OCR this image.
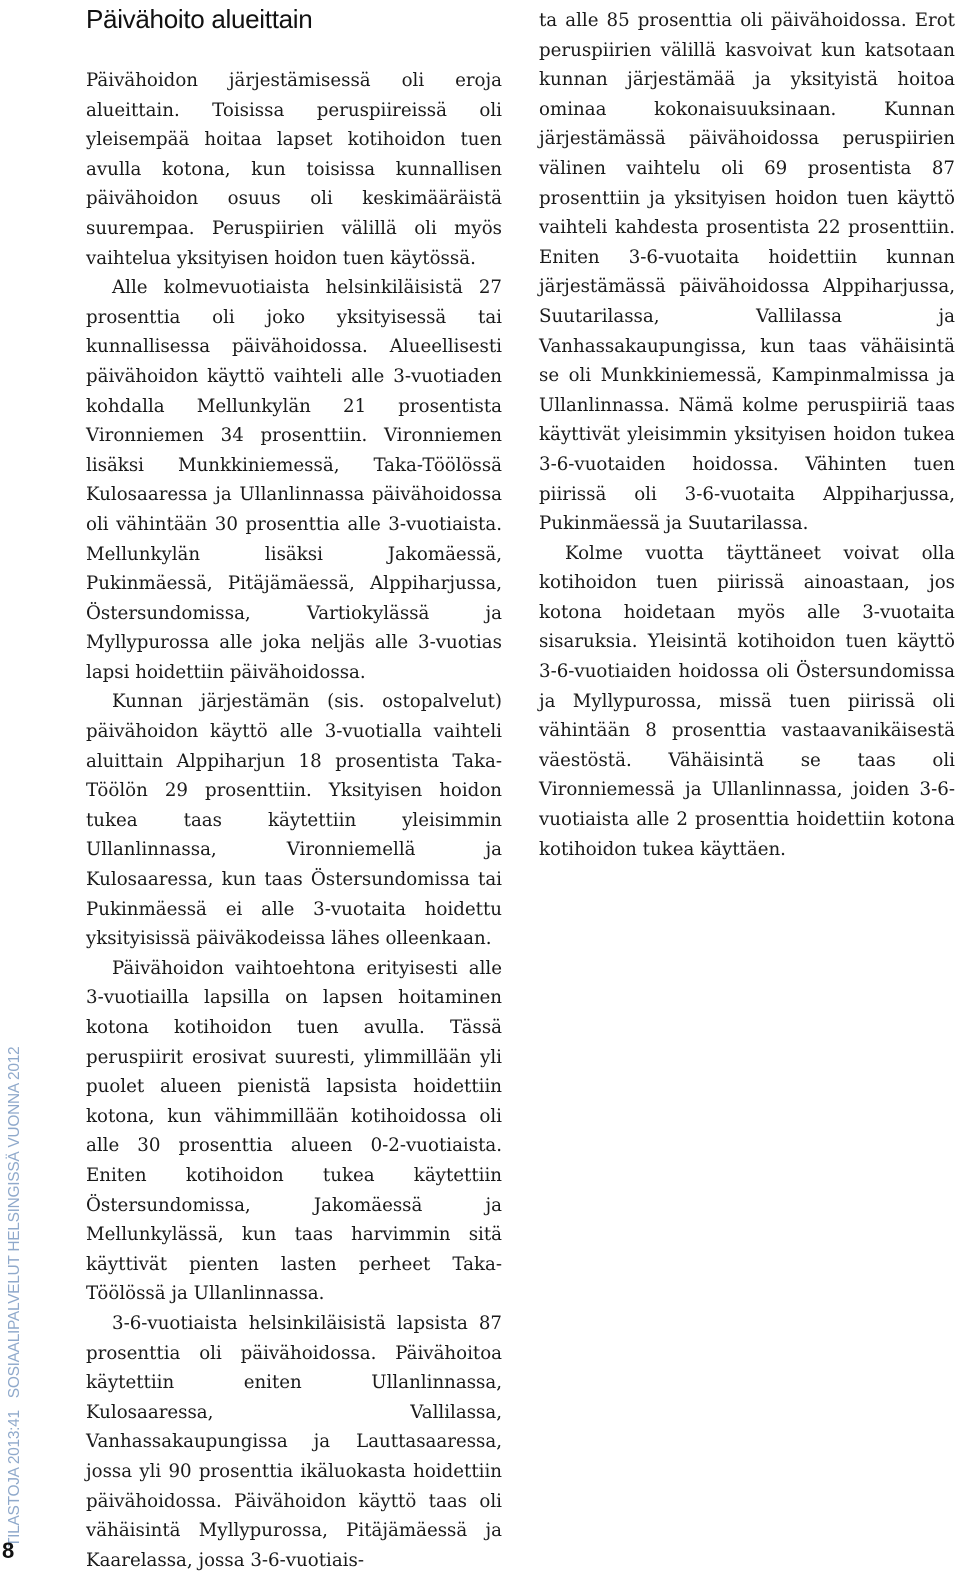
TILASTOJA 2013:41SOSIAALIPALVELUT HELSINGISSÄ VUONNA 2012
8
Päivähoito alueittain

Päivähoidon järjestämisessä oli eroja alueittain. Toisissa peruspiireissä oli yleisempää hoitaa lapset kotihoidon tuen avulla kotona, kun toisissa kunnallisen päivähoidon osuus oli keskimääräistä suurempaa. Peruspiirien välillä oli myös vaihtelua yksityisen hoidon tuen käytössä.

Alle kolmevuotiaista helsinkiläisistä 27 prosenttia oli joko yksityisessä tai kunnallisessa päivähoidossa. Alueellisesti päivähoidon käyttö vaihteli alle 3-vuotiaden kohdalla Mellunkylän 21 prosentista Vironniemen 34 prosenttiin. Vironniemen lisäksi Munkkiniemessä, Taka-Töölössä Kulosaaressa ja Ullanlinnassa päivähoidossa oli vähintään 30 prosenttia alle 3-vuotiaista. Mellunkylän lisäksi Jakomäessä, Pukinmäessä, Pitäjämäessä, Alppiharjussa, Östersundomissa, Vartiokylässä ja Myllypurossa alle joka neljäs alle 3-vuotias lapsi hoidettiin päivähoidossa.

Kunnan järjestämän (sis. ostopalvelut) päivähoidon käyttö alle 3-vuotialla vaihteli aluittain Alppiharjun 18 prosentista Taka-Töölön 29 prosenttiin. Yksityisen hoidon tukea taas käytettiin yleisimmin Ullanlinnassa, Vironniemellä ja Kulosaaressa, kun taas Östersundomissa tai Pukinmäessä ei alle 3-vuotaita hoidettu yksityisissä päiväkodeissa lähes olleenkaan.

Päivähoidon vaihtoehtona erityisesti alle 3-vuotiailla lapsilla on lapsen hoitaminen kotona kotihoidon tuen avulla. Tässä peruspiirit erosivat suuresti, ylimmillään yli puolet alueen pienistä lapsista hoidettiin kotona, kun vähimmillään kotihoidossa oli alle 30 prosenttia alueen 0-2-vuotiaista. Eniten kotihoidon tukea käytettiin Östersundomissa, Jakomäessä ja Mellunkylässä, kun taas harvimmin sitä käyttivät pienten lasten perheet Taka-Töölössä ja Ullanlinnassa.

3-6-vuotiaista helsinkiläisistä lapsista 87 prosenttia oli päivähoidossa. Päivähoitoa käytettiin eniten Ullanlinnassa, Kulosaaressa, Vallilassa, Vanhassakaupungissa ja Lauttasaaressa, jossa yli 90 prosenttia ikäluokasta hoidettiin päivähoidossa. Päivähoidon käyttö taas oli vähäisintä Myllypurossa, Pitäjämäessä ja Kaarelassa, jossa 3-6-vuotiais-

ta alle 85 prosenttia oli päivähoidossa. Erot peruspiirien välillä kasvoivat kun katsotaan kunnan järjestämää ja yksityistä hoitoa ominaa kokonaisuuksinaan. Kunnan järjestämässä päivähoidossa peruspiirien välinen vaihtelu oli 69 prosentista 87 prosenttiin ja yksityisen hoidon tuen käyttö vaihteli kahdesta prosentista 22 prosenttiin. Eniten 3-6-vuotaita hoidettiin kunnan järjestämässä päivähoidossa Alppiharjussa, Suutarilassa, Vallilassa ja Vanhassakaupungissa, kun taas vähäisintä se oli Munkkiniemessä, Kampinmalmissa ja Ullanlinnassa. Nämä kolme peruspiiriä taas käyttivät yleisimmin yksityisen hoidon tukea 3-6-vuotaiden hoidossa. Vähinten tuen piirissä oli 3-6-vuotaita Alppiharjussa, Pukinmäessä ja Suutarilassa.

Kolme vuotta täyttäneet voivat olla kotihoidon tuen piirissä ainoastaan, jos kotona hoidetaan myös alle 3-vuotaita sisaruksia. Yleisintä kotihoidon tuen käyttö 3-6-vuotiaiden hoidossa oli Östersundomissa ja Myllypurossa, missä tuen piirissä oli vähintään 8 prosenttia vastaavanikäisestä väestöstä. Vähäisintä se taas oli Vironniemessä ja Ullanlinnassa, joiden 3-6-vuotiaista alle 2 prosenttia hoidettiin kotona kotihoidon tukea käyttäen.
